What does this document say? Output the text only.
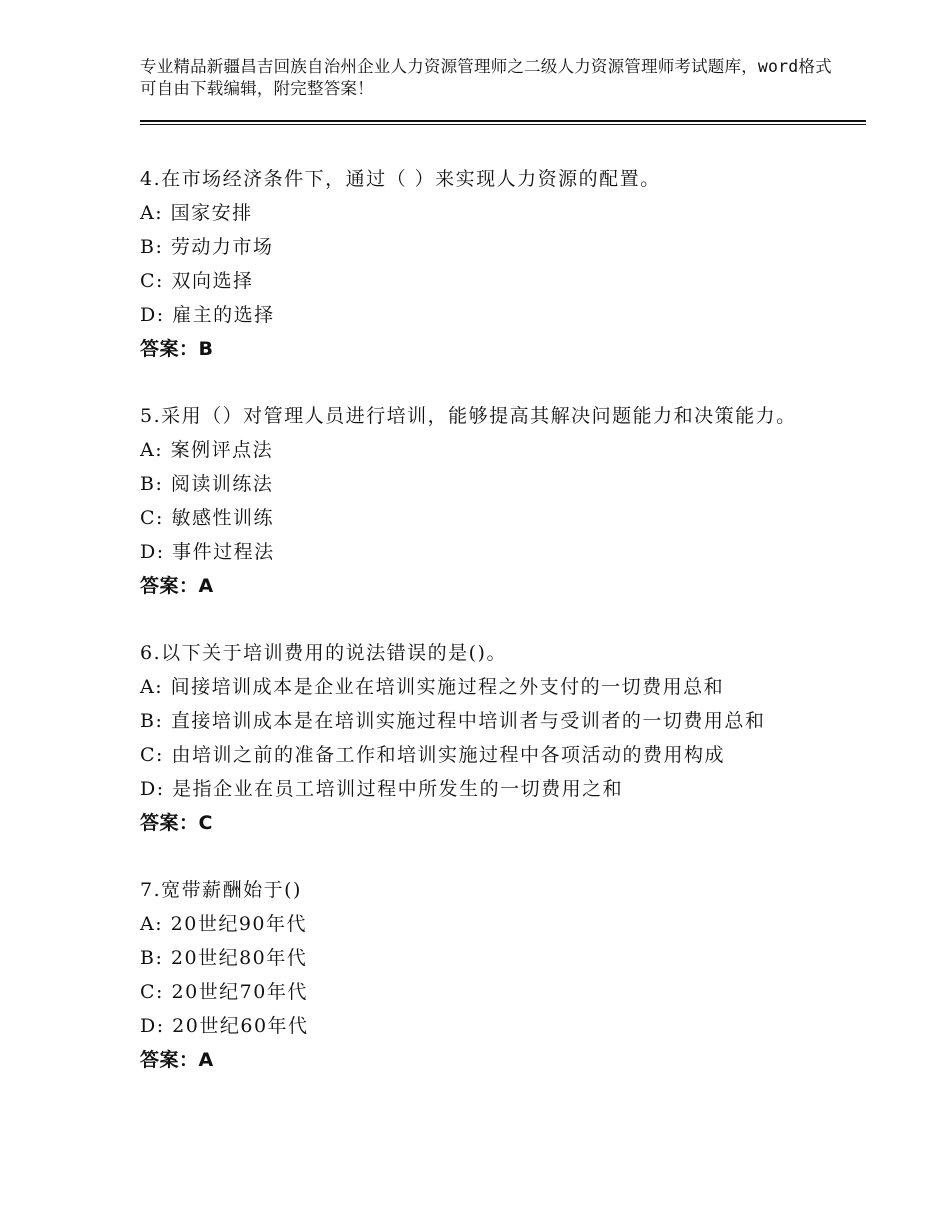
专业精品新疆昌吉回族自治州企业人力资源管理师之二级人力资源管理师考试题库，word格式可自由下载编辑，附完整答案！
4.在市场经济条件下，通过（ ）来实现人力资源的配置。
A: 国家安排
B: 劳动力市场
C: 双向选择
D: 雇主的选择
答案：B
5.采用（）对管理人员进行培训，能够提高其解决问题能力和决策能力。
A: 案例评点法
B: 阅读训练法
C: 敏感性训练
D: 事件过程法
答案：A
6.以下关于培训费用的说法错误的是()。
A: 间接培训成本是企业在培训实施过程之外支付的一切费用总和
B: 直接培训成本是在培训实施过程中培训者与受训者的一切费用总和
C: 由培训之前的准备工作和培训实施过程中各项活动的费用构成
D: 是指企业在员工培训过程中所发生的一切费用之和
答案：C
7.宽带薪酬始于()
A: 20世纪90年代
B: 20世纪80年代
C: 20世纪70年代
D: 20世纪60年代
答案：A
